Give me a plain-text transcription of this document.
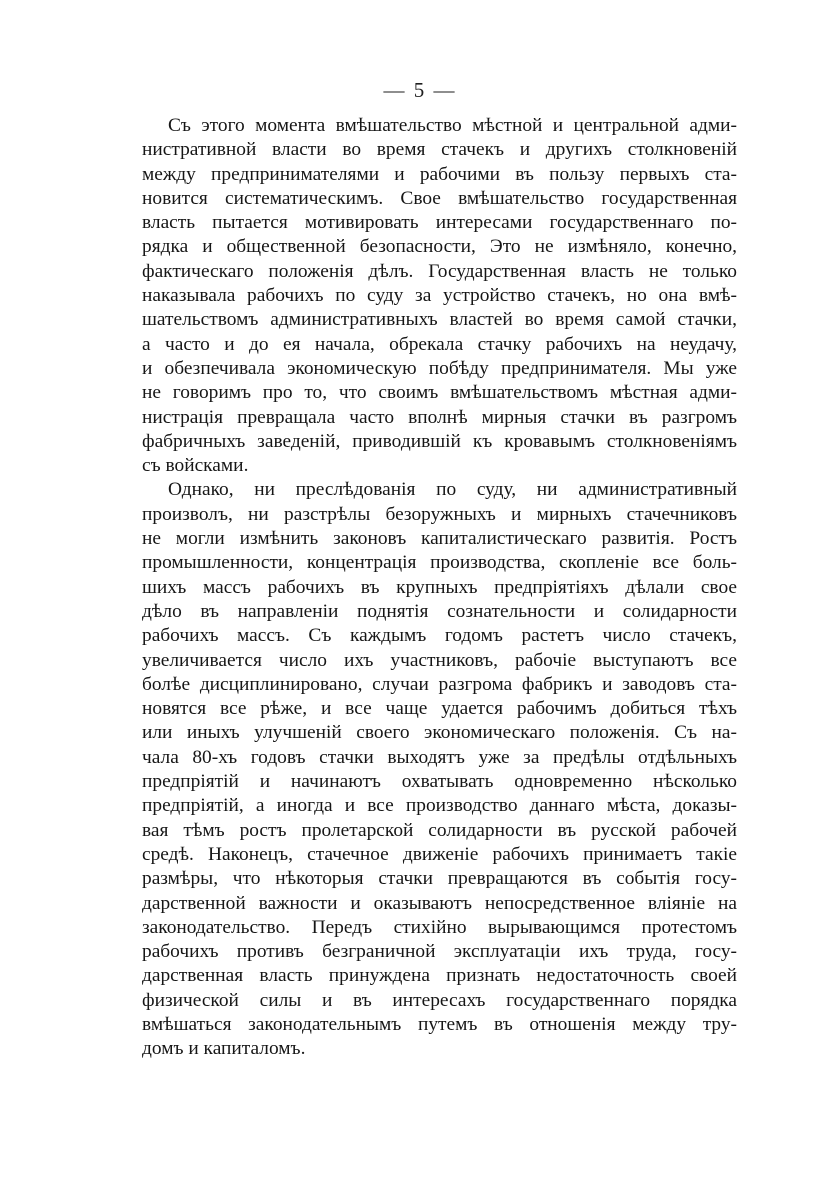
— 5 —
Съ этого момента вмѣшательство мѣстной и центральной адми-
нистративной власти во время стачекъ и другихъ столкновеній
между предпринимателями и рабочими въ пользу первыхъ ста-
новится систематическимъ. Свое вмѣшательство государственная
власть пытается мотивировать интересами государственнаго по-
рядка и общественной безопасности, Это не измѣняло, конечно,
фактическаго положенія дѣлъ. Государственная власть не только
наказывала рабочихъ по суду за устройство стачекъ, но она вмѣ-
шательствомъ административныхъ властей во время самой стачки,
а часто и до ея начала, обрекала стачку рабочихъ на неудачу,
и обезпечивала экономическую побѣду предпринимателя. Мы уже
не говоримъ про то, что своимъ вмѣшательствомъ мѣстная адми-
нистрація превращала часто вполнѣ мирныя стачки въ разгромъ
фабричныхъ заведеній, приводившій къ кровавымъ столкновеніямъ
съ войсками.
Однако, ни преслѣдованія по суду, ни административный
произволъ, ни разстрѣлы безоружныхъ и мирныхъ стачечниковъ
не могли измѣнить законовъ капиталистическаго развитія. Ростъ
промышленности, концентрація производства, скопленіе все боль-
шихъ массъ рабочихъ въ крупныхъ предпріятіяхъ дѣлали свое
дѣло въ направленіи поднятія сознательности и солидарности
рабочихъ массъ. Съ каждымъ годомъ растетъ число стачекъ,
увеличивается число ихъ участниковъ, рабочіе выступаютъ все
болѣе дисциплинировано, случаи разгрома фабрикъ и заводовъ ста-
новятся все рѣже, и все чаще удается рабочимъ добиться тѣхъ
или иныхъ улучшеній своего экономическаго положенія. Съ на-
чала 80-хъ годовъ стачки выходятъ уже за предѣлы отдѣльныхъ
предпріятій и начинаютъ охватывать одновременно нѣсколько
предпріятій, а иногда и все производство даннаго мѣста, доказы-
вая тѣмъ ростъ пролетарской солидарности въ русской рабочей
средѣ. Наконецъ, стачечное движеніе рабочихъ принимаетъ такіе
размѣры, что нѣкоторыя стачки превращаются въ событія госу-
дарственной важности и оказываютъ непосредственное вліяніе на
законодательство. Передъ стихійно вырывающимся протестомъ
рабочихъ противъ безграничной эксплуатаціи ихъ труда, госу-
дарственная власть принуждена признать недостаточность своей
физической силы и въ интересахъ государственнаго порядка
вмѣшаться законодательнымъ путемъ въ отношенія между тру-
домъ и капиталомъ.
